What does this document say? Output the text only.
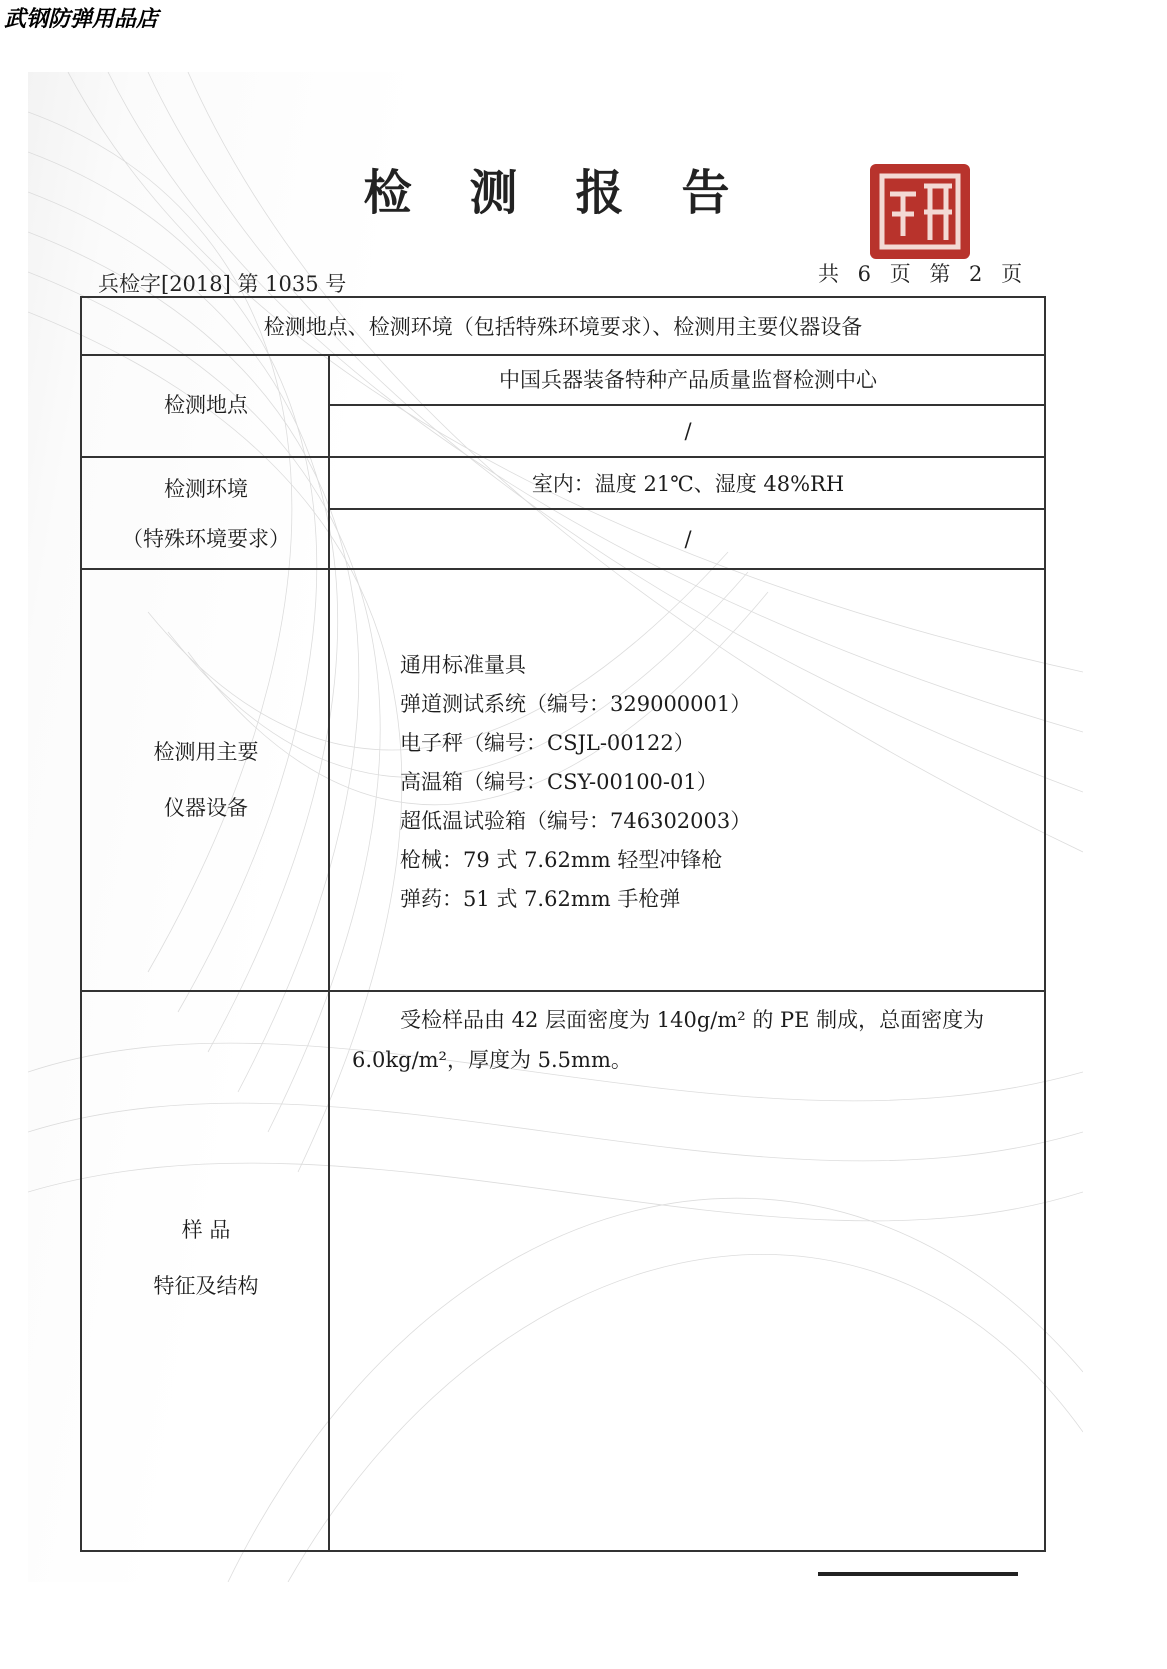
武钢防弹用品店
检测报告
兵检字[2018] 第 1035 号	共 6 页 第 2 页
检测地点、检测环境（包括特殊环境要求）、检测用主要仪器设备
检测地点
中国兵器装备特种产品质量监督检测中心
/
检测环境
（特殊环境要求）
室内：温度 21℃、湿度 48%RH
/
检测用主要
仪器设备
通用标准量具
弹道测试系统（编号：329000001）
电子秤（编号：CSJL-00122）
高温箱（编号：CSY-00100-01）
超低温试验箱（编号：746302003）
枪械：79 式 7.62mm 轻型冲锋枪
弹药：51 式 7.62mm 手枪弹
样 品
特征及结构
受检样品由 42 层面密度为 140g/m² 的 PE 制成，总面密度为 6.0kg/m²，厚度为 5.5mm。
